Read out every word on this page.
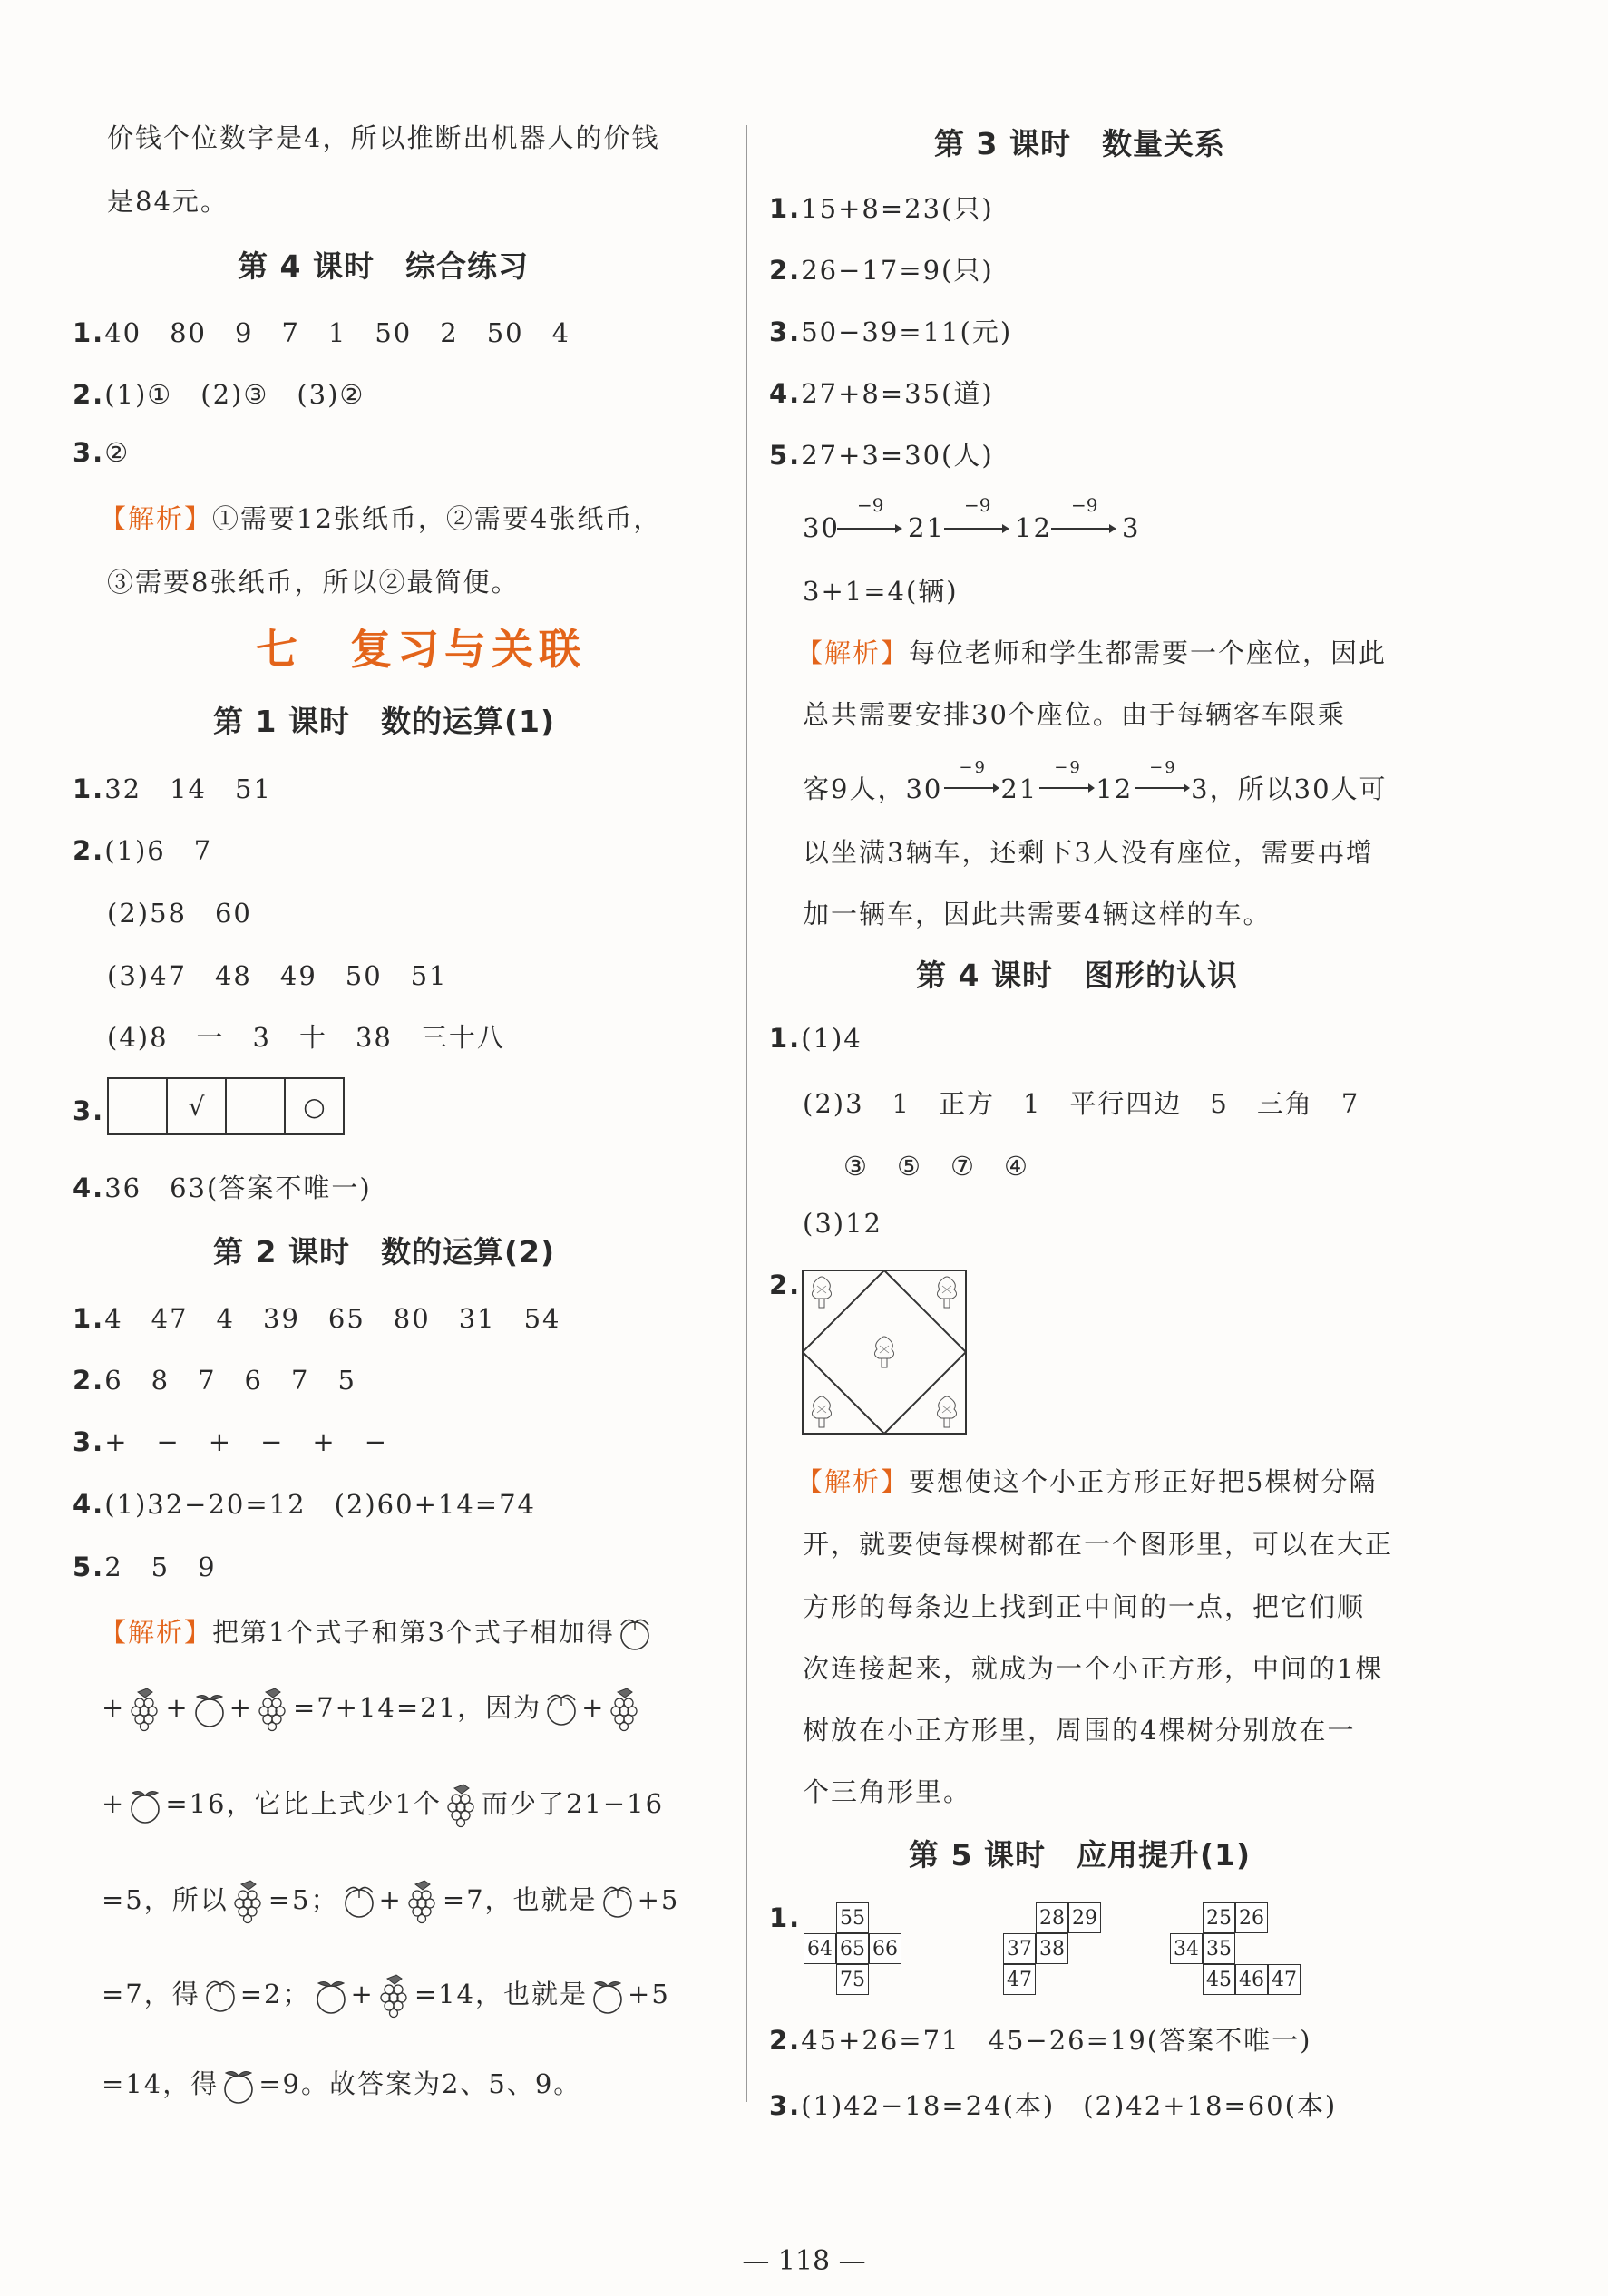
价钱个位数字是4，所以推断出机器人的价钱
是84元。
第 4 课时　综合练习
1.40　80　9　7　1　50　2　50　4
2.(1)①　(2)③　(3)②
3.②
【解析】①需要12张纸币，②需要4张纸币，
③需要8张纸币，所以②最简便。
七　复习与关联
第 1 课时　数的运算(1)
1.32　14　51
2.(1)6　7
(2)58　60
(3)47　48　49　50　51
(4)8　一　3　十　38　三十八
3.	√	○
4.36　63(答案不唯一)
第 2 课时　数的运算(2)
1.4　47　4　39　65　80　31　54
2.6　8　7　6　7　5
3.+　−　+　−　+　−
4.(1)32−20=12　(2)60+14=74
5.2　5　9
【解析】把第1个式子和第3个式子相加得
+ + + =7+14=21，因为 +
+ =16，它比上式少1个 而少了21−16
=5，所以 =5； + =7，也就是 +5
=7，得 =2； + =14，也就是 +5
=14，得 =9。故答案为2、5、9。
第 3 课时　数量关系
1.15+8=23(只)
2.26−17=9(只)
3.50−39=11(元)
4.27+8=35(道)
5.27+3=30(人)
30
−9
21
−9
12
−9
3
3+1=4(辆)
【解析】每位老师和学生都需要一个座位，因此
总共需要安排30个座位。由于每辆客车限乘
客9人，30
−9
21
−9
12
−9
3，所以30人可
以坐满3辆车，还剩下3人没有座位，需要再增
加一辆车，因此共需要4辆这样的车。
第 4 课时　图形的认识
1.(1)4
(2)3　1　正方　1　平行四边　5　三角　7
③　⑤　⑦　④
(3)12
2.
【解析】要想使这个小正方形正好把5棵树分隔
开，就要使每棵树都在一个图形里，可以在大正
方形的每条边上找到正中间的一点，把它们顺
次连接起来，就成为一个小正方形，中间的1棵
树放在小正方形里，周围的4棵树分别放在一
个三角形里。
第 5 课时　应用提升(1)
1. 55
64 65 66
75
28 29
37 38
47
25 26
34 35
45 46 47
2.45+26=71　45−26=19(答案不唯一)
3.(1)42−18=24(本)　(2)42+18=60(本)
— 118 —
